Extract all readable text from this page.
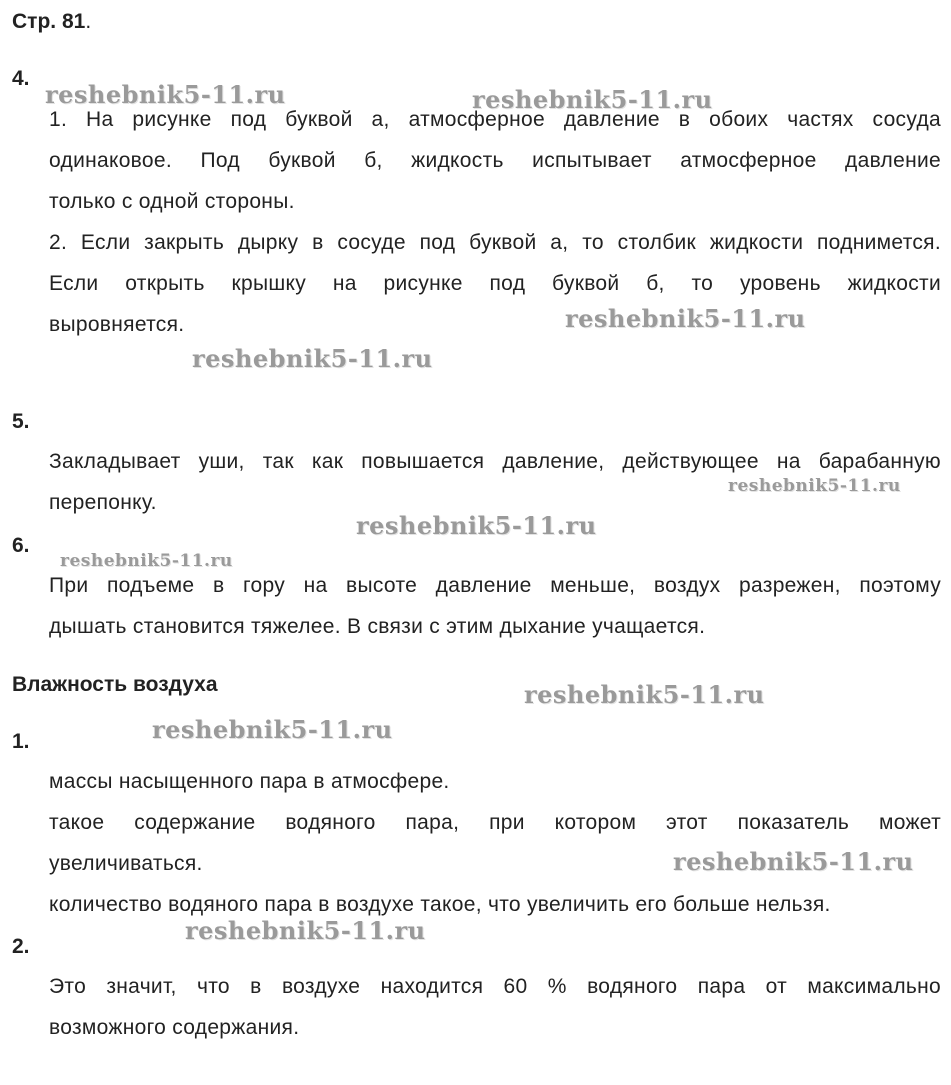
Стр. 81.
4.
1. На рисунке под буквой а, атмосферное давление в обоих частях сосуда
одинаковое. Под буквой б, жидкость испытывает атмосферное давление
только с одной стороны.
2. Если закрыть дырку в сосуде под буквой а, то столбик жидкости поднимется.
Если открыть крышку на рисунке под буквой б, то уровень жидкости
выровняется.
5.
Закладывает уши, так как повышается давление, действующее на барабанную
перепонку.
6.
При подъеме в гору на высоте давление меньше, воздух разрежен, поэтому
дышать становится тяжелее. В связи с этим дыхание учащается.
Влажность воздуха
1.
массы насыщенного пара в атмосфере.
такое содержание водяного пара, при котором этот показатель может
увеличиваться.
количество водяного пара в воздухе такое, что увеличить его больше нельзя.
2.
Это значит, что в воздухе находится 60 % водяного пара от максимально
возможного содержания.
reshebnik5-11.ru	reshebnik5-11.ru
reshebnik5-11.ru
reshebnik5-11.ru
reshebnik5-11.ru
reshebnik5-11.ru
reshebnik5-11.ru
reshebnik5-11.ru
reshebnik5-11.ru
reshebnik5-11.ru
reshebnik5-11.ru
